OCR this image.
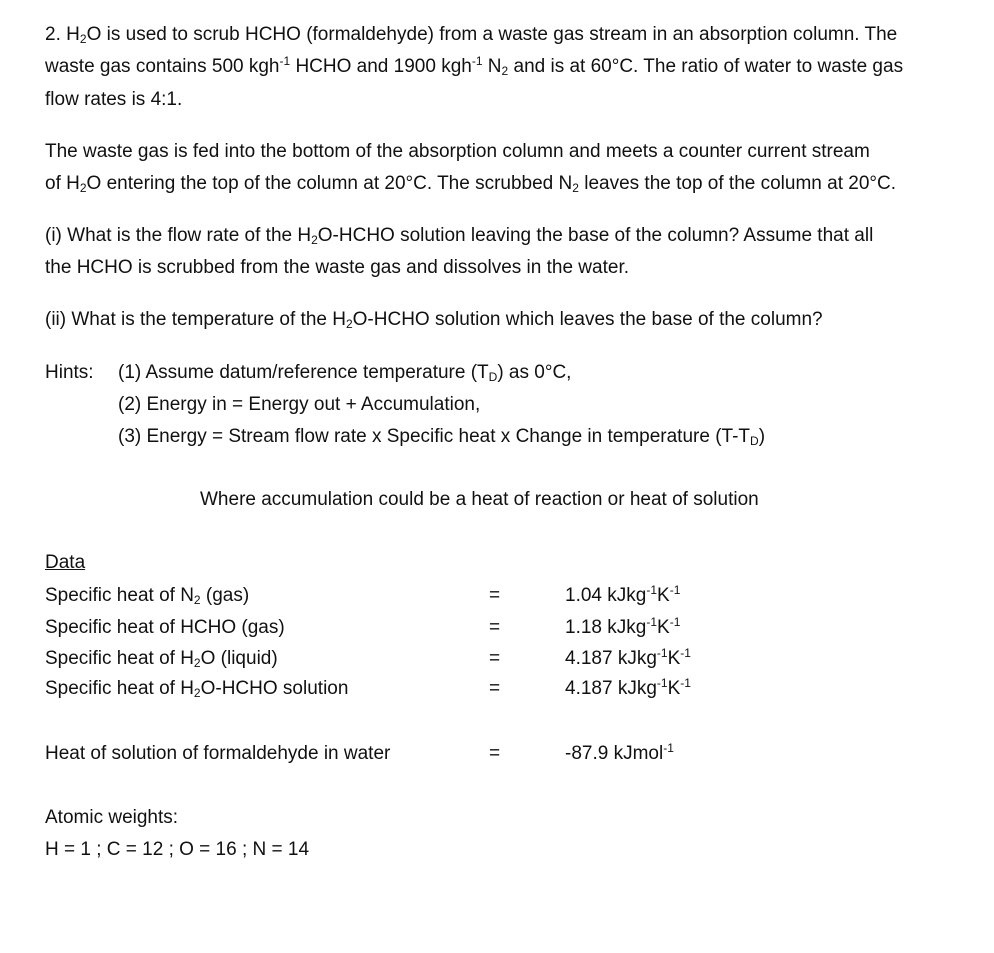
2. $H_2O$ is used to scrub HCHO (formaldehyde) from a waste gas stream in an absorption column. The
waste gas contains 500 kgh$^{-1}$ HCHO and 1900 kgh$^{-1}$ $N_2$ and is at 60°C. The ratio of water to waste gas
flow rates is 4:1.
The waste gas is fed into the bottom of the absorption column and meets a counter current stream
of $H_2O$ entering the top of the column at 20°C. The scrubbed $N_2$ leaves the top of the column at 20°C.
(i) What is the flow rate of the $H_2O$-HCHO solution leaving the base of the column? Assume that all
the HCHO is scrubbed from the waste gas and dissolves in the water.
(ii) What is the temperature of the $H_2O$-HCHO solution which leaves the base of the column?
Hints: (1) Assume datum/reference temperature $(T_D)$ as 0°C,
(2) Energy in = Energy out + Accumulation,
(3) Energy = Stream flow rate x Specific heat x Change in temperature $(T-T_D)$
Where accumulation could be a heat of reaction or heat of solution
Data
Specific heat of $N_2$ (gas)	=	1.04 $kJkg^{-1}K^{-1}$
Specific heat of HCHO (gas)	=	1.18 $kJkg^{-1}K^{-1}$
Specific heat of $H_2O$ (liquid)	=	4.187 $kJkg^{-1}K^{-1}$
Specific heat of $H_2O$-HCHO solution	=	4.187 $kJkg^{-1}K^{-1}$
Heat of solution of formaldehyde in water	=	-87.9 kJmol$^{-1}$
Atomic weights:
H = 1 ; C = 12 ; O = 16 ; N = 14
